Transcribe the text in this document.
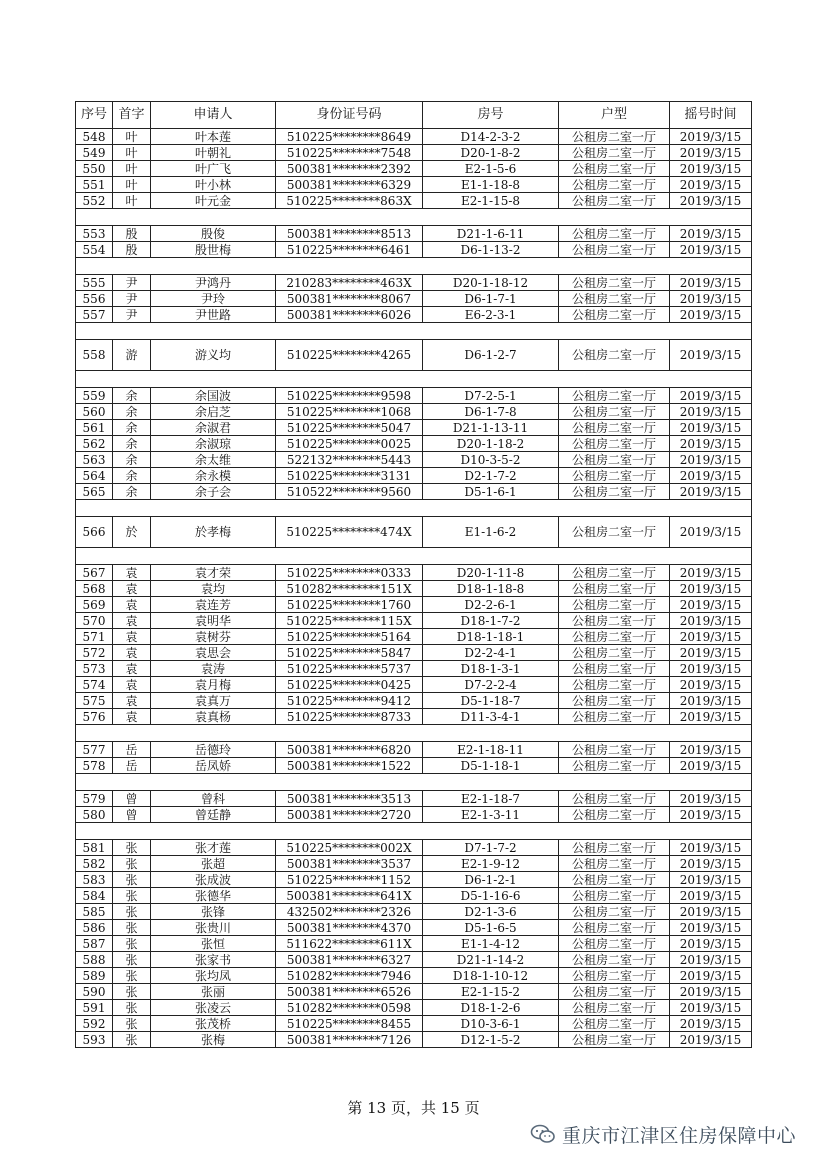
序号	首字	申请人	身份证号码	房号	户型	摇号时间
548	叶	叶本莲	510225********8649	D14-2-3-2	公租房二室一厅	2019/3/15
549	叶	叶朝礼	510225********7548	D20-1-8-2	公租房二室一厅	2019/3/15
550	叶	叶广飞	500381********2392	E2-1-5-6	公租房二室一厅	2019/3/15
551	叶	叶小林	500381********6329	E1-1-18-8	公租房二室一厅	2019/3/15
552	叶	叶元金	510225********863X	E2-1-15-8	公租房二室一厅	2019/3/15

553	殷	殷俊	500381********8513	D21-1-6-11	公租房二室一厅	2019/3/15
554	殷	殷世梅	510225********6461	D6-1-13-2	公租房二室一厅	2019/3/15

555	尹	尹鸿丹	210283********463X	D20-1-18-12	公租房二室一厅	2019/3/15
556	尹	尹玲	500381********8067	D6-1-7-1	公租房二室一厅	2019/3/15
557	尹	尹世路	500381********6026	E6-2-3-1	公租房二室一厅	2019/3/15

558	游	游义均	510225********4265	D6-1-2-7	公租房二室一厅	2019/3/15

559	余	余国波	510225********9598	D7-2-5-1	公租房二室一厅	2019/3/15
560	余	余启芝	510225********1068	D6-1-7-8	公租房二室一厅	2019/3/15
561	余	余淑君	510225********5047	D21-1-13-11	公租房二室一厅	2019/3/15
562	余	余淑琼	510225********0025	D20-1-18-2	公租房二室一厅	2019/3/15
563	余	余太维	522132********5443	D10-3-5-2	公租房二室一厅	2019/3/15
564	余	余永模	510225********3131	D2-1-7-2	公租房二室一厅	2019/3/15
565	余	余子会	510522********9560	D5-1-6-1	公租房二室一厅	2019/3/15

566	於	於孝梅	510225********474X	E1-1-6-2	公租房二室一厅	2019/3/15

567	袁	袁才荣	510225********0333	D20-1-11-8	公租房二室一厅	2019/3/15
568	袁	袁均	510282********151X	D18-1-18-8	公租房二室一厅	2019/3/15
569	袁	袁连芳	510225********1760	D2-2-6-1	公租房二室一厅	2019/3/15
570	袁	袁明华	510225********115X	D18-1-7-2	公租房二室一厅	2019/3/15
571	袁	袁树芬	510225********5164	D18-1-18-1	公租房二室一厅	2019/3/15
572	袁	袁思会	510225********5847	D2-2-4-1	公租房二室一厅	2019/3/15
573	袁	袁涛	510225********5737	D18-1-3-1	公租房二室一厅	2019/3/15
574	袁	袁月梅	510225********0425	D7-2-2-4	公租房二室一厅	2019/3/15
575	袁	袁真万	510225********9412	D5-1-18-7	公租房二室一厅	2019/3/15
576	袁	袁真杨	510225********8733	D11-3-4-1	公租房二室一厅	2019/3/15

577	岳	岳德玲	500381********6820	E2-1-18-11	公租房二室一厅	2019/3/15
578	岳	岳凤娇	500381********1522	D5-1-18-1	公租房二室一厅	2019/3/15

579	曾	曾科	500381********3513	E2-1-18-7	公租房二室一厅	2019/3/15
580	曾	曾廷静	500381********2720	E2-1-3-11	公租房二室一厅	2019/3/15

581	张	张才莲	510225********002X	D7-1-7-2	公租房二室一厅	2019/3/15
582	张	张超	500381********3537	E2-1-9-12	公租房二室一厅	2019/3/15
583	张	张成波	510225********1152	D6-1-2-1	公租房二室一厅	2019/3/15
584	张	张德华	500381********641X	D5-1-16-6	公租房二室一厅	2019/3/15
585	张	张锋	432502********2326	D2-1-3-6	公租房二室一厅	2019/3/15
586	张	张贵川	500381********4370	D5-1-6-5	公租房二室一厅	2019/3/15
587	张	张恒	511622********611X	E1-1-4-12	公租房二室一厅	2019/3/15
588	张	张家书	500381********6327	D21-1-14-2	公租房二室一厅	2019/3/15
589	张	张均凤	510282********7946	D18-1-10-12	公租房二室一厅	2019/3/15
590	张	张丽	500381********6526	E2-1-15-2	公租房二室一厅	2019/3/15
591	张	张凌云	510282********0598	D18-1-2-6	公租房二室一厅	2019/3/15
592	张	张茂桥	510225********8455	D10-3-6-1	公租房二室一厅	2019/3/15
593	张	张梅	500381********7126	D12-1-5-2	公租房二室一厅	2019/3/15
第 13 页，共 15 页
重庆市江津区住房保障中心
